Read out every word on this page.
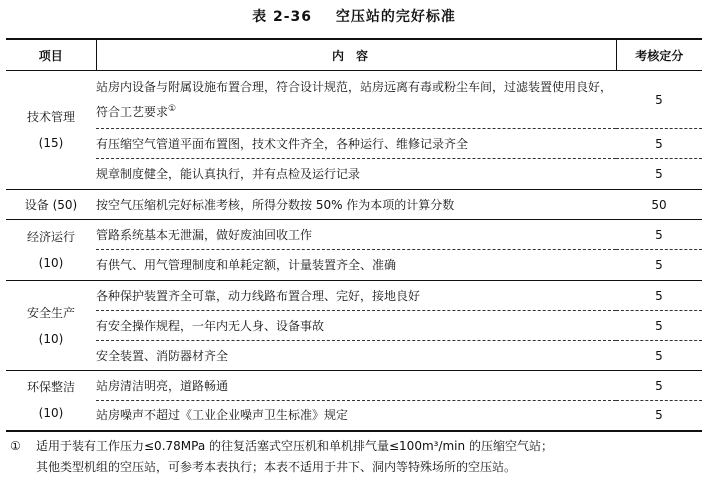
表 2-36 空压站的完好标准
项目	内容	考核定分

技术管理
(15)	站房内设备与附属设施布置合理，符合设计规范，站房远离有毒或粉尘车间，过滤装置使用良好，符合工艺要求①	5
	有压缩空气管道平面布置图，技术文件齐全，各种运行、维修记录齐全	5
	规章制度健全，能认真执行，并有点检及运行记录	5

设备 (50)	按空气压缩机完好标准考核，所得分数按 50% 作为本项的计算分数	50

经济运行
(10)	管路系统基本无泄漏，做好废油回收工作	5
	有供气、用气管理制度和单耗定额，计量装置齐全、准确	5

安全生产
(10)	各种保护装置齐全可靠，动力线路布置合理、完好，接地良好	5
	有安全操作规程，一年内无人身、设备事故	5
	安全装置、消防器材齐全	5

环保整洁
(10)	站房清洁明亮，道路畅通	5
	站房噪声不超过《工业企业噪声卫生标准》规定	5
① 适用于装有工作压力≤0.78MPa 的往复活塞式空压机和单机排气量≤100m³/min 的压缩空气站；
其他类型机组的空压站，可参考本表执行；本表不适用于井下、洞内等特殊场所的空压站。
